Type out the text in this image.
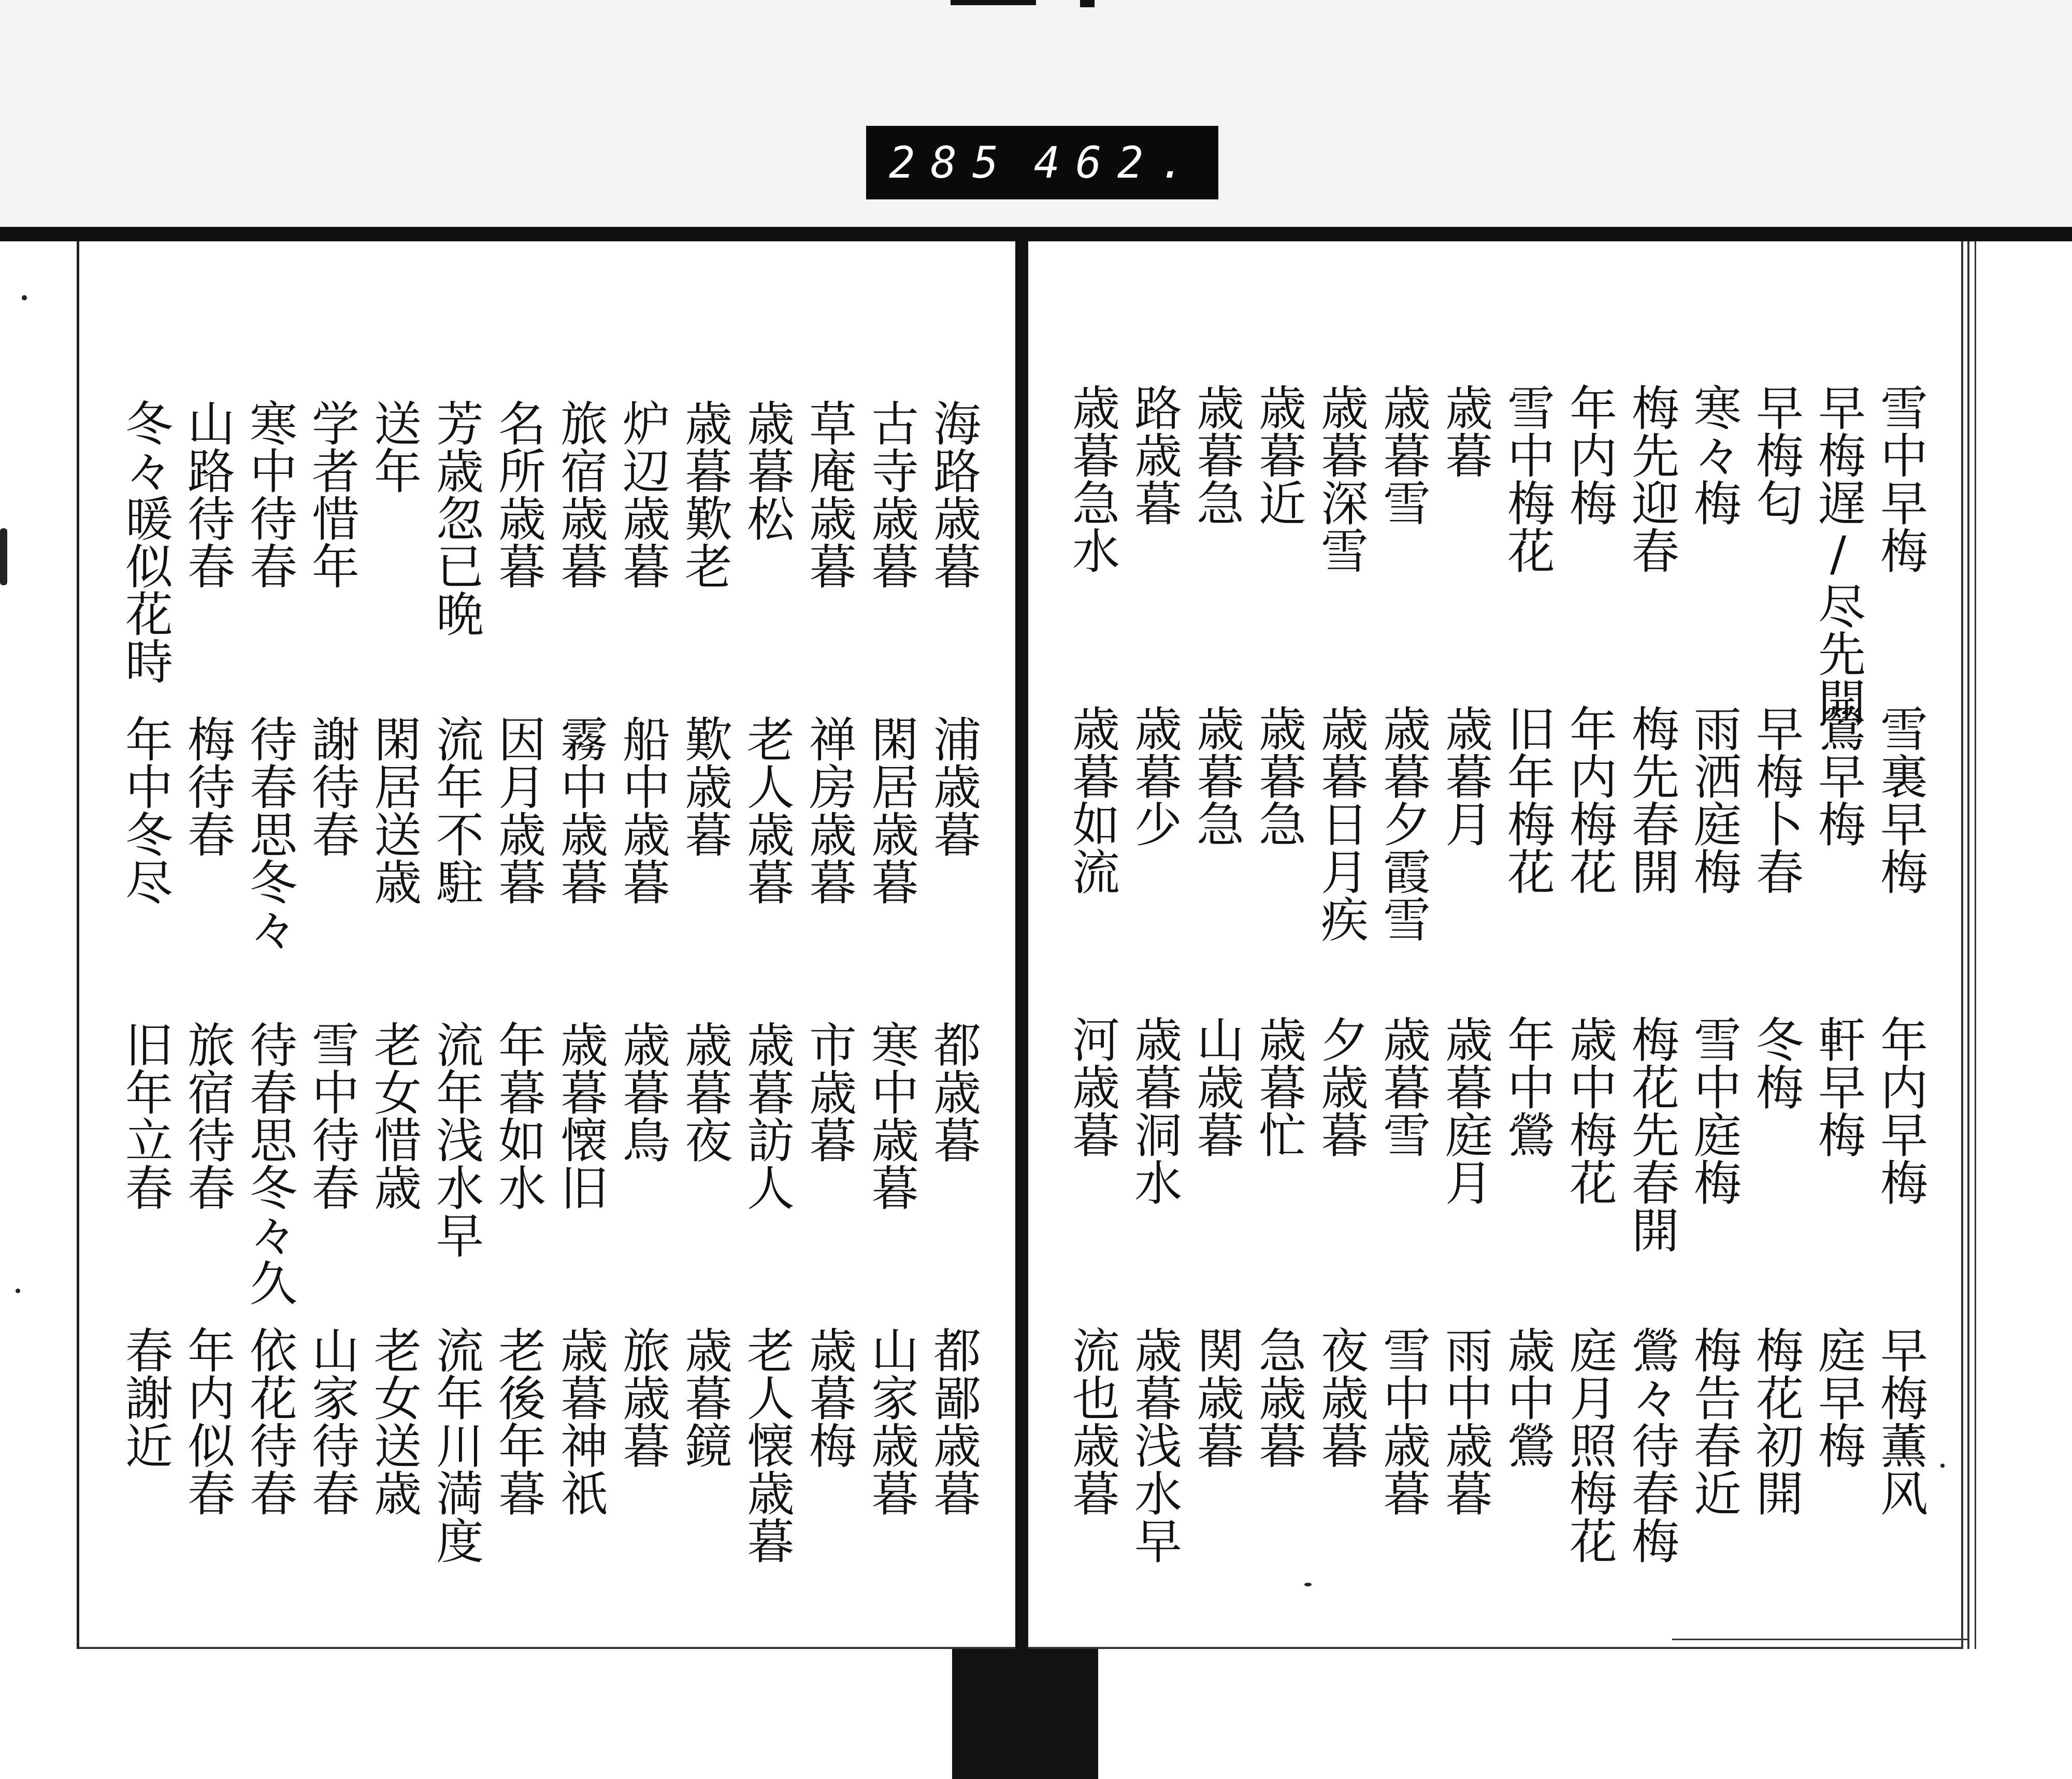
285 462.
雪中早梅
早梅遅/尽先開
早梅匂
寒々梅
梅先迎春
年内梅
雪中梅花
歳暮
歳暮雪
歳暮深雪
歳暮近
歳暮急
路歳暮
歳暮急水
雪裏早梅
鶯早梅
早梅卜春
雨洒庭梅
梅先春開
年内梅花
旧年梅花
歳暮月
歳暮夕霞雪
歳暮日月疾
歳暮急
歳暮急
歳暮少
歳暮如流
年内早梅
軒早梅
冬梅
雪中庭梅
梅花先春開
歳中梅花
年中鶯
歳暮庭月
歳暮雪
夕歳暮
歳暮忙
山歳暮
歳暮洞水
河歳暮
早梅薫风
庭早梅
梅花初開
梅告春近
鶯々待春梅
庭月照梅花
歳中鶯
雨中歳暮
雪中歳暮
夜歳暮
急歳暮
関歳暮
歳暮浅水早
流也歳暮
海路歳暮
古寺歳暮
草庵歳暮
歳暮松
歳暮歎老
炉辺歳暮
旅宿歳暮
名所歳暮
芳歳忽已晩
送年
学者惜年
寒中待春
山路待春
冬々暖似花時
浦歳暮
閑居歳暮
禅房歳暮
老人歳暮
歎歳暮
船中歳暮
霧中歳暮
因月歳暮
流年不駐
閑居送歳
謝待春
待春思冬々
梅待春
年中冬尽
都歳暮
寒中歳暮
市歳暮
歳暮訪人
歳暮夜
歳暮鳥
歳暮懐旧
年暮如水
流年浅水早
老女惜歳
雪中待春
待春思冬々久
旅宿待春
旧年立春
都鄙歳暮
山家歳暮
歳暮梅
老人懐歳暮
歳暮鏡
旅歳暮
歳暮神祇
老後年暮
流年川満度
老女送歳
山家待春
依花待春
年内似春
春謝近
